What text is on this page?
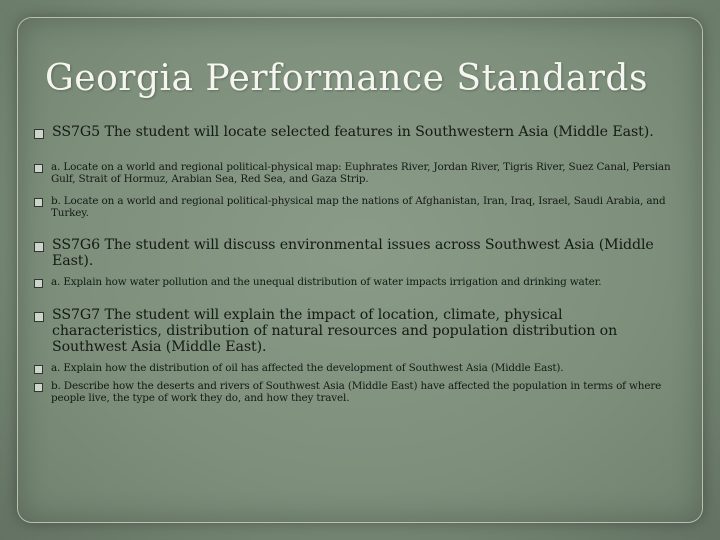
Georgia Performance Standards
SS7G5 The student will locate selected features in Southwestern Asia (Middle East).
a. Locate on a world and regional political-physical map: Euphrates River, Jordan River, Tigris River, Suez Canal, Persian Gulf, Strait of Hormuz, Arabian Sea, Red Sea, and Gaza Strip.
b. Locate on a world and regional political-physical map the nations of Afghanistan, Iran, Iraq, Israel, Saudi Arabia, and Turkey.
SS7G6 The student will discuss environmental issues across Southwest Asia (Middle East).
a. Explain how water pollution and the unequal distribution of water impacts irrigation and drinking water.
SS7G7 The student will explain the impact of location, climate, physical characteristics, distribution of natural resources and population distribution on Southwest Asia (Middle East).
a. Explain how the distribution of oil has affected the development of Southwest Asia (Middle East).
b. Describe how the deserts and rivers of Southwest Asia (Middle East) have affected the population in terms of where people live, the type of work they do, and how they travel.
